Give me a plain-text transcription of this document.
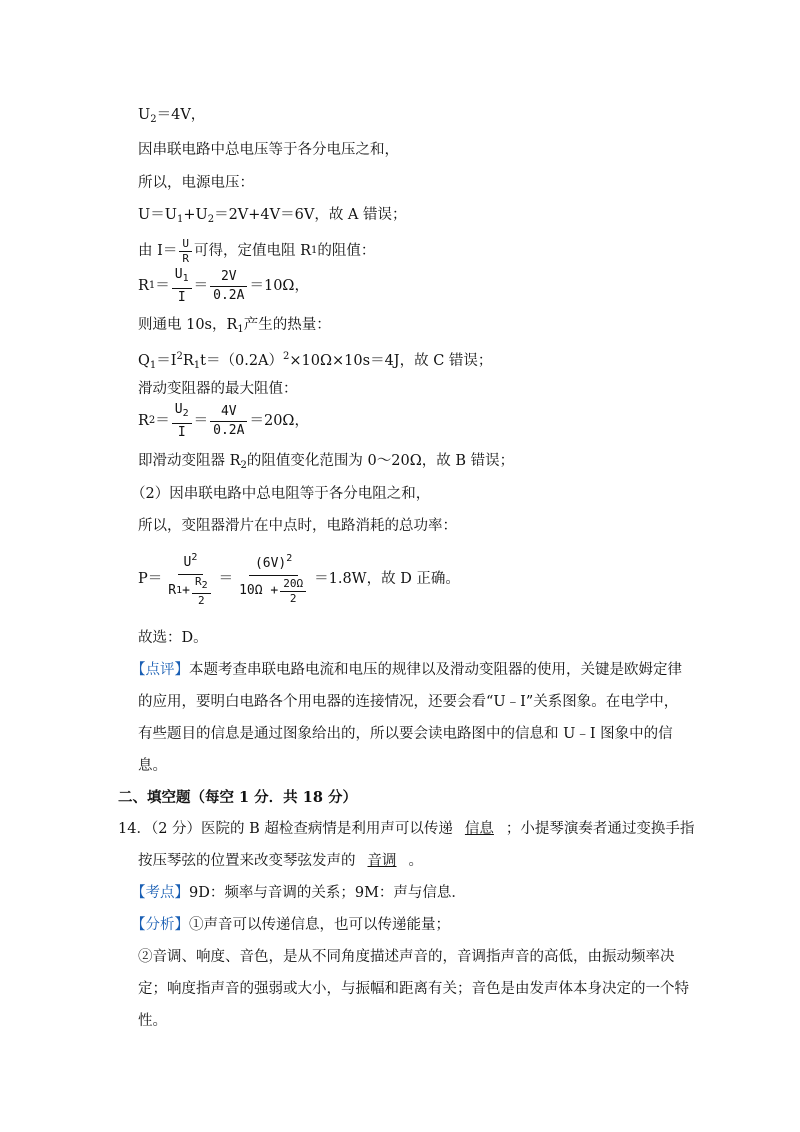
$U_2=4V$，
因串联电路中总电压等于各分电压之和，
所以，电源电压：
$U=U_1+U_2=2V+4V=6V$，故 A 错误；
由 $I= \frac{U}{R}$ 可得，定值电阻 R 1 的阻值：
R $1 = \frac{U_1}{I} = \frac{2V}{0.2A} =10\Omega$，
则通电 10s，$R_1$产生的热量：
$Q_1=I^2R_1t=(0.2A)^2\times 10\Omega\times 10s=4J$，故 C 错误；
滑动变阻器的最大阻值：
R $2 = \frac{U_2}{I} = \frac{4V}{0.2A} =20\Omega$，
即滑动变阻器 $R_2$的阻值变化范围为 0～20Ω，故 B 错误；
（2）因串联电路中总电阻等于各分电阻之和，
所以，变阻器滑片在中点时，电路消耗的总功率：
P＝
$U^2$
R $1 + \frac{R_2}{2}$ ＝
$(6V)^2$
$10\Omega + \frac{20\Omega}{2} =1.8W$，故 D 正确。
故选：D。
【点评】本题考查串联电路电流和电压的规律以及滑动变阻器的使用，关键是欧姆定律
的应用，要明白电路各个用电器的连接情况，还要会看“U﹣I”关系图象。在电学中，
有些题目的信息是通过图象给出的，所以要会读电路图中的信息和 U﹣I 图象中的信
息。
二、填空题（每空 1 分．共 18 分）
14．（2 分）医院的 B 超检查病情是利用声可以传递 信息 ；小提琴演奏者通过变换手指
按压琴弦的位置来改变琴弦发声的 音调 。
【考点】9D：频率与音调的关系；9M：声与信息．
【分析】①声音可以传递信息，也可以传递能量；
②音调、响度、音色，是从不同角度描述声音的，音调指声音的高低，由振动频率决
定；响度指声音的强弱或大小，与振幅和距离有关；音色是由发声体本身决定的一个特
性。
